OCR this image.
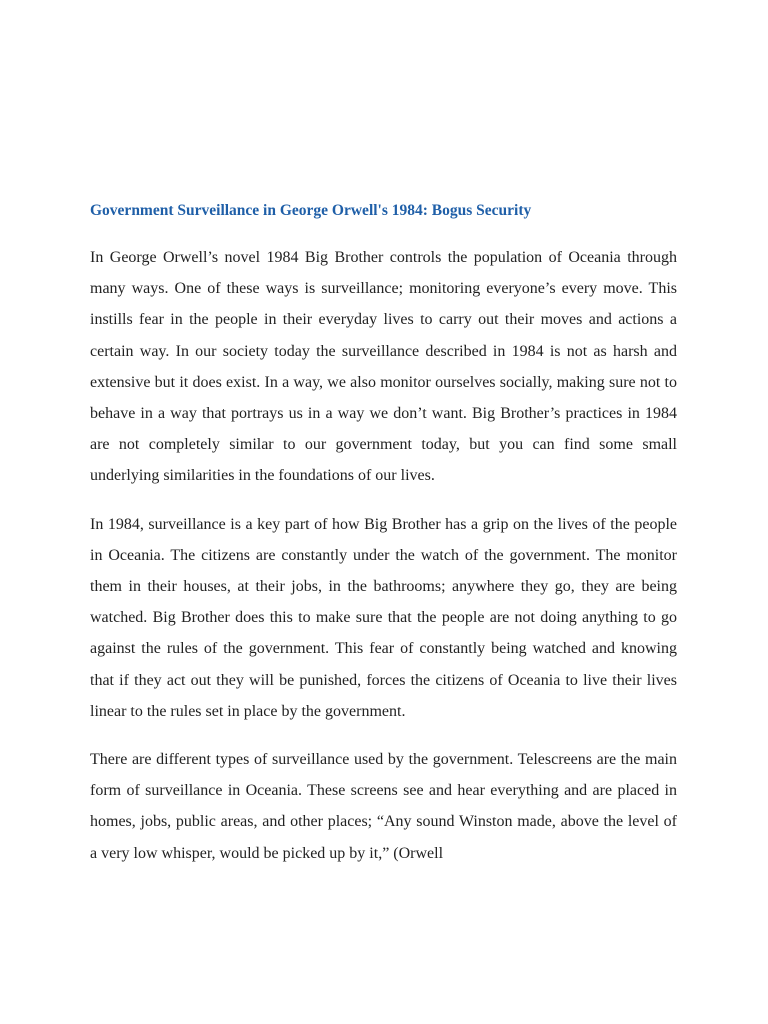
Government Surveillance in George Orwell's 1984: Bogus Security

In George Orwell’s novel 1984 Big Brother controls the population of Oceania through many ways. One of these ways is surveillance; monitoring everyone’s every move. This instills fear in the people in their everyday lives to carry out their moves and actions a certain way. In our society today the surveillance described in 1984 is not as harsh and extensive but it does exist. In a way, we also monitor ourselves socially, making sure not to behave in a way that portrays us in a way we don’t want. Big Brother’s practices in 1984 are not completely similar to our government today, but you can find some small underlying similarities in the foundations of our lives.

In 1984, surveillance is a key part of how Big Brother has a grip on the lives of the people in Oceania. The citizens are constantly under the watch of the government. The monitor them in their houses, at their jobs, in the bathrooms; anywhere they go, they are being watched. Big Brother does this to make sure that the people are not doing anything to go against the rules of the government. This fear of constantly being watched and knowing that if they act out they will be punished, forces the citizens of Oceania to live their lives linear to the rules set in place by the government.

There are different types of surveillance used by the government. Telescreens are the main form of surveillance in Oceania. These screens see and hear everything and are placed in homes, jobs, public areas, and other places; “Any sound Winston made, above the level of a very low whisper, would be picked up by it,” (Orwell
